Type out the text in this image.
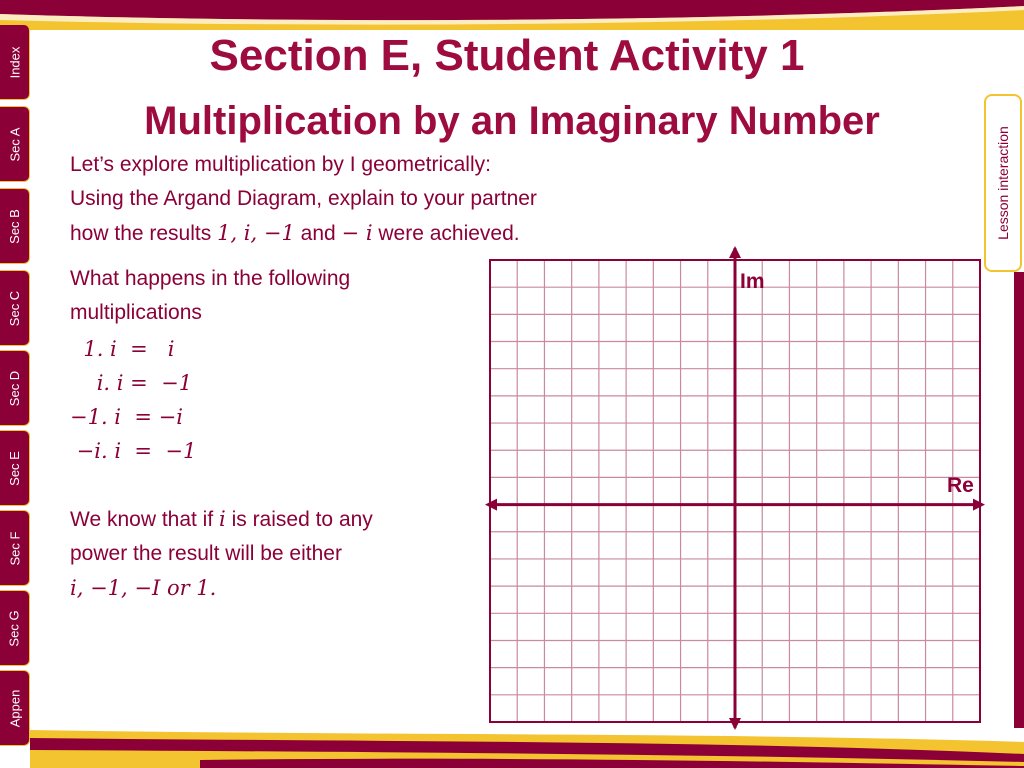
Index
Sec A
Sec B
Sec C
Sec D
Sec E
Sec F
Sec G
Appen
Lesson interaction
Section E, Student Activity 1
Multiplication by an Imaginary Number
Let’s explore multiplication by I geometrically:
Using the Argand Diagram, explain to your partner
how the results 1, 𝑖, −1 and − 𝑖 were achieved.
What happens in the following
multiplications
1. 𝑖  =   𝑖
𝑖. 𝑖 =  −1
−1. 𝑖  = −𝑖
−𝑖. 𝑖  =  −1
We know that if 𝑖 is raised to any
power the result will be either
𝑖, −1, −𝐼 𝑜𝑟 1.
Im
Re
